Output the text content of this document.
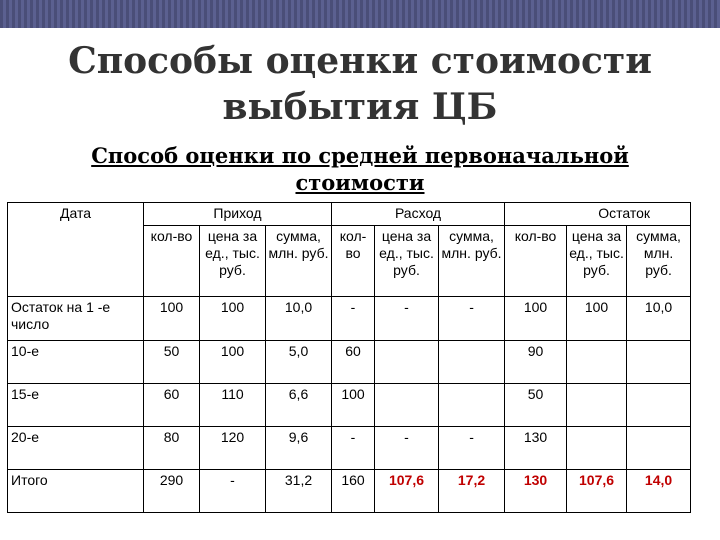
Способы оценки стоимости
выбытия ЦБ
Способ оценки по средней первоначальной
стоимости
Дата	Приход			Расход			Остаток		
	кол-во	цена за ед., тыс. руб.	сумма, млн. руб.	кол-во	цена за ед., тыс. руб.	сумма, млн. руб.	кол-во	цена за ед., тыс. руб.	сумма, млн. руб.
Остаток на 1 -е число	100	100	10,0	-	-	-	100	100	10,0
10-е	50	100	5,0	60			90		
15-е	60	110	6,6	100			50		
20-е	80	120	9,6	-	-	-	130		
Итого	290	-	31,2	160	107,6	17,2	130	107,6	14,0
